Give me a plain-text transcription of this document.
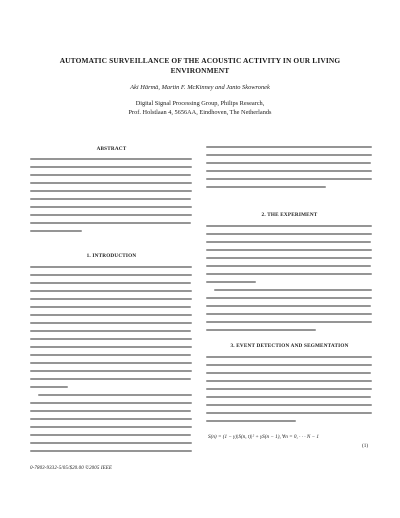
AUTOMATIC SURVEILLANCE OF THE ACOUSTIC ACTIVITY IN OUR LIVING
ENVIRONMENT
Aki Härmä, Martin F. McKinney and Janto Skowronek
Digital Signal Processing Group, Philips Research,
Prof. Holstlaan 4, 5656AA, Eindhoven, The Netherlands
ABSTRACT
1. INTRODUCTION
2. THE EXPERIMENT
3. EVENT DETECTION AND SEGMENTATION
S(n) = (1 − γ)|S(n, t)|² + γS(n − 1), ∀n = 0, · · · N − 1
(1)
0-7803-9332-5/05/$20.00 ©2005 IEEE
